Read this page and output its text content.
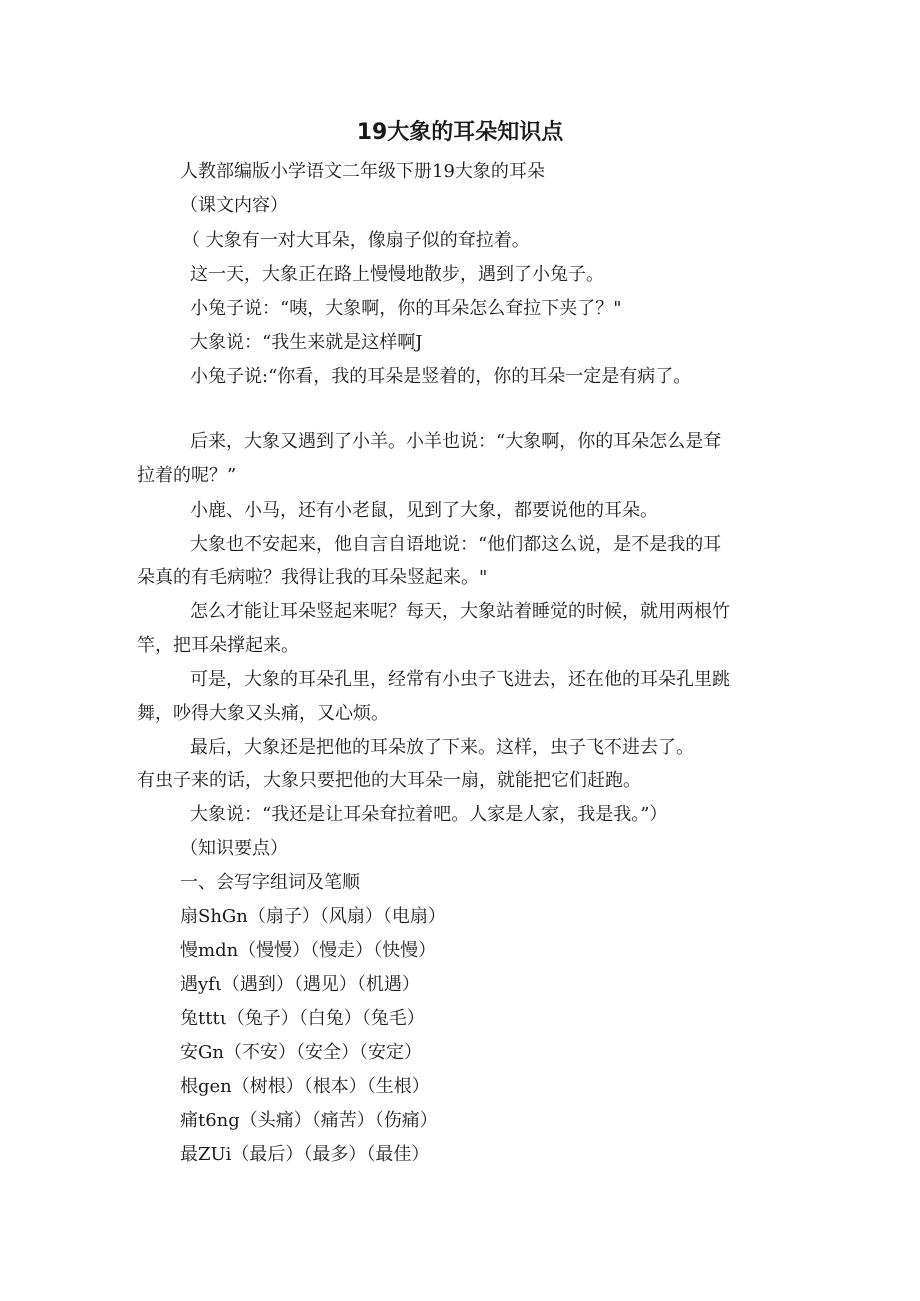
19大象的耳朵知识点
人教部编版小学语文二年级下册19大象的耳朵
（课文内容）
（ 大象有一对大耳朵，像扇子似的耷拉着。
这一天，大象正在路上慢慢地散步，遇到了小兔子。
小兔子说：“咦，大象啊，你的耳朵怎么耷拉下夹了？"
大象说：“我生来就是这样啊J
小兔子说:“你看，我的耳朵是竖着的，你的耳朵一定是有病了。
后来，大象又遇到了小羊。小羊也说：“大象啊，你的耳朵怎么是耷
拉着的呢？”
小鹿、小马，还有小老鼠，见到了大象，都要说他的耳朵。
大象也不安起来，他自言自语地说：“他们都这么说，是不是我的耳
朵真的有毛病啦？我得让我的耳朵竖起来。"
怎么才能让耳朵竖起来呢？每天，大象站着睡觉的时候，就用两根竹
竿，把耳朵撑起来。
可是，大象的耳朵孔里，经常有小虫子飞进去，还在他的耳朵孔里跳
舞，吵得大象又头痛，又心烦。
最后，大象还是把他的耳朵放了下来。这样，虫子飞不进去了。
有虫子来的话，大象只要把他的大耳朵一扇，就能把它们赶跑。
大象说：“我还是让耳朵耷拉着吧。人家是人家，我是我。”）
（知识要点）
一、会写字组词及笔顺
扇ShGn（扇子）（风扇）（电扇）
慢mdn（慢慢）（慢走）（快慢）
遇yfι（遇到）（遇见）（机遇）
兔tttι（兔子）（白兔）（兔毛）
安Gn（不安）（安全）（安定）
根gen（树根）（根本）（生根）
痛t6ng（头痛）（痛苦）（伤痛）
最ZUi（最后）（最多）（最佳）
